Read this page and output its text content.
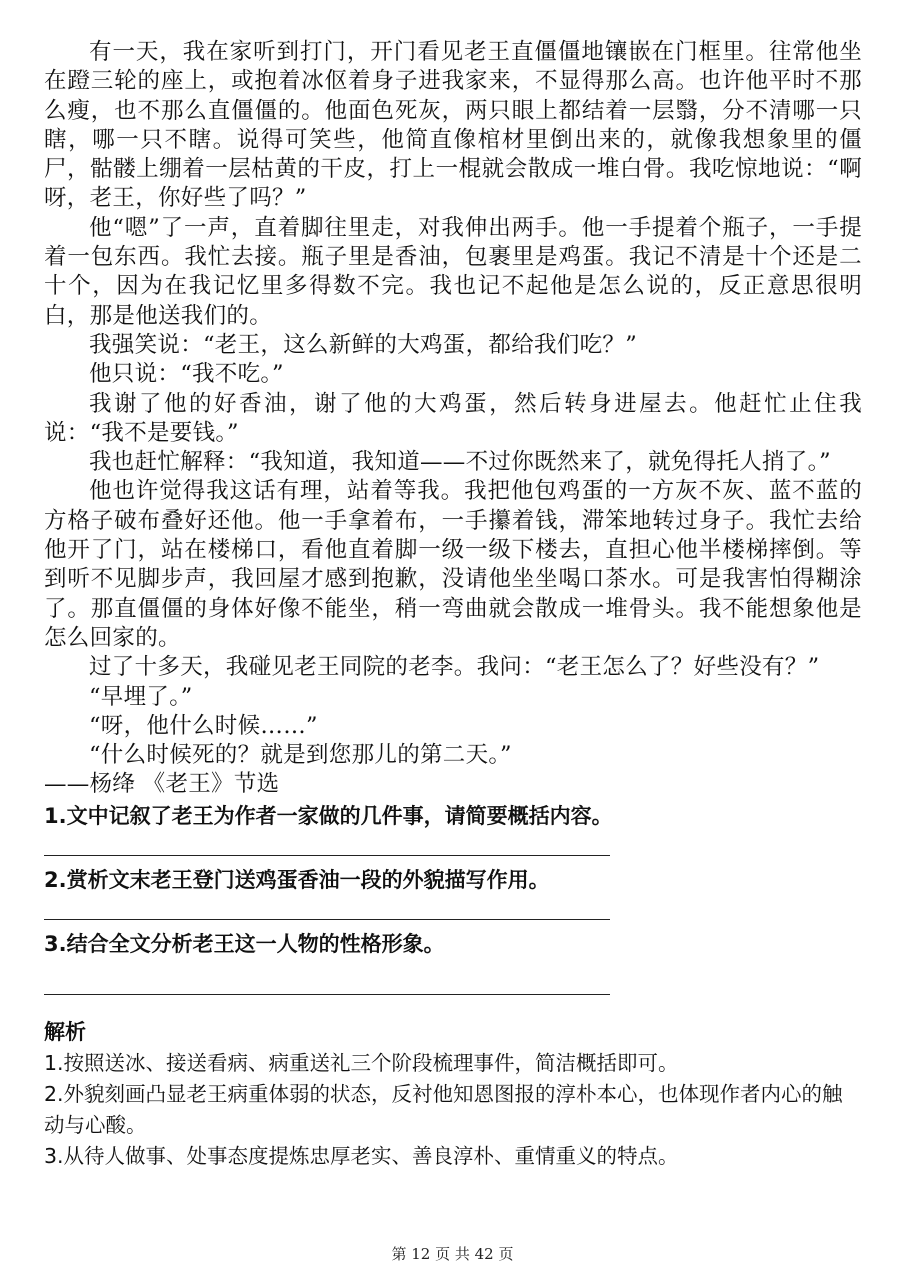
有一天，我在家听到打门，开门看见老王直僵僵地镶嵌在门框里。往常他坐在蹬三轮的座上，或抱着冰伛着身子进我家来，不显得那么高。也许他平时不那么瘦，也不那么直僵僵的。他面色死灰，两只眼上都结着一层翳，分不清哪一只瞎，哪一只不瞎。说得可笑些，他简直像棺材里倒出来的，就像我想象里的僵尸，骷髅上绷着一层枯黄的干皮，打上一棍就会散成一堆白骨。我吃惊地说：“啊呀，老王，你好些了吗？”

他“嗯”了一声，直着脚往里走，对我伸出两手。他一手提着个瓶子，一手提着一包东西。我忙去接。瓶子里是香油，包裹里是鸡蛋。我记不清是十个还是二十个，因为在我记忆里多得数不完。我也记不起他是怎么说的，反正意思很明白，那是他送我们的。

我强笑说：“老王，这么新鲜的大鸡蛋，都给我们吃？”

他只说：“我不吃。”

我谢了他的好香油，谢了他的大鸡蛋，然后转身进屋去。他赶忙止住我说：“我不是要钱。”

我也赶忙解释：“我知道，我知道——不过你既然来了，就免得托人捎了。”

他也许觉得我这话有理，站着等我。我把他包鸡蛋的一方灰不灰、蓝不蓝的方格子破布叠好还他。他一手拿着布，一手攥着钱，滞笨地转过身子。我忙去给他开了门，站在楼梯口，看他直着脚一级一级下楼去，直担心他半楼梯摔倒。等到听不见脚步声，我回屋才感到抱歉，没请他坐坐喝口茶水。可是我害怕得糊涂了。那直僵僵的身体好像不能坐，稍一弯曲就会散成一堆骨头。我不能想象他是怎么回家的。

过了十多天，我碰见老王同院的老李。我问：“老王怎么了？好些没有？”

“早埋了。”

“呀，他什么时候……”

“什么时候死的？就是到您那儿的第二天。”

——杨绛 《老王》节选

1.文中记叙了老王为作者一家做的几件事，请简要概括内容。

2.赏析文末老王登门送鸡蛋香油一段的外貌描写作用。

3.结合全文分析老王这一人物的性格形象。

解析

1.按照送冰、接送看病、病重送礼三个阶段梳理事件，简洁概括即可。

2.外貌刻画凸显老王病重体弱的状态，反衬他知恩图报的淳朴本心，也体现作者内心的触动与心酸。

3.从待人做事、处事态度提炼忠厚老实、善良淳朴、重情重义的特点。

第 12 页 共 42 页
